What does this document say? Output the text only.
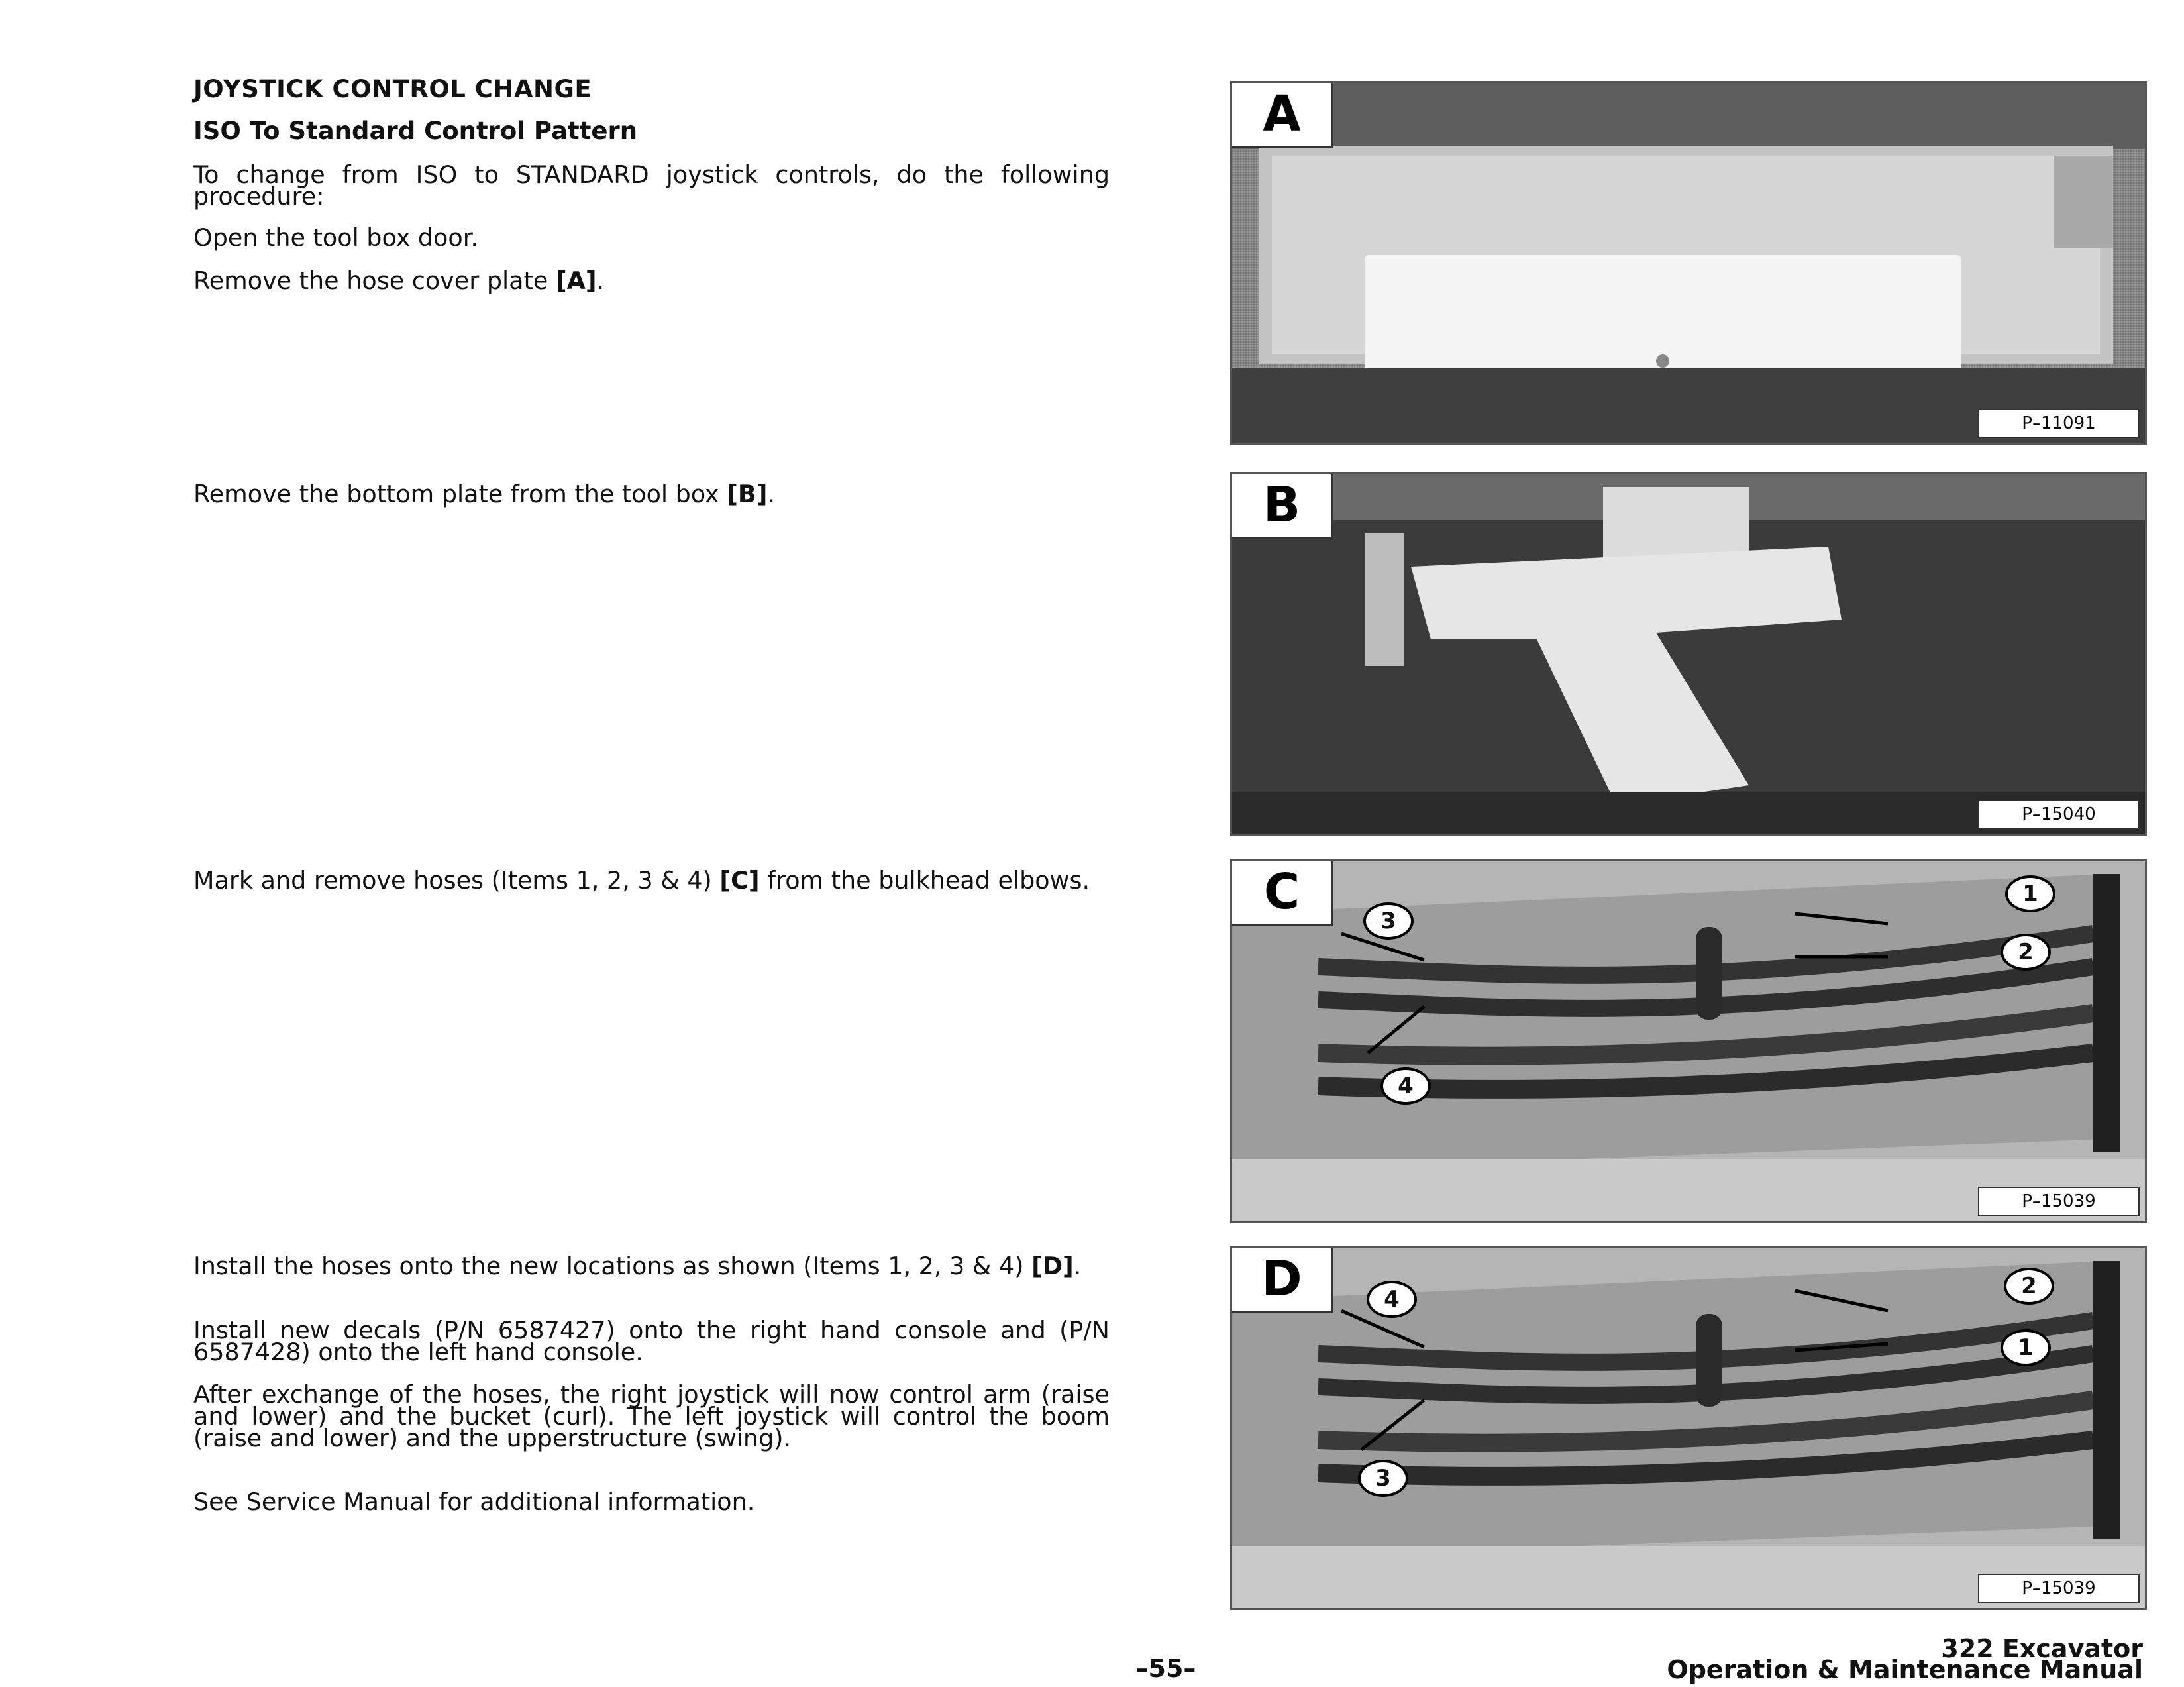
JOYSTICK CONTROL CHANGE
ISO To Standard Control Pattern
To change from ISO to STANDARD joystick controls, do the following procedure:
Open the tool box door.
Remove the hose cover plate [A].
Remove the bottom plate from the tool box [B].
Mark and remove hoses (Items 1, 2, 3 & 4) [C] from the bulkhead elbows.
Install the hoses onto the new locations as shown (Items 1, 2, 3 & 4) [D].
Install new decals (P/N 6587427) onto the right hand console and (P/N 6587428) onto the left hand console.
After exchange of the hoses, the right joystick will now control arm (raise and lower) and the bucket (curl). The left joystick will control the boom (raise and lower) and the upperstructure (swing).
See Service Manual for additional information.
A
P–11091
B
P–15040
C	1
2
3
4
P–15039
D
1
2
3
4
P–15039
–55–
322 Excavator
Operation & Maintenance Manual
